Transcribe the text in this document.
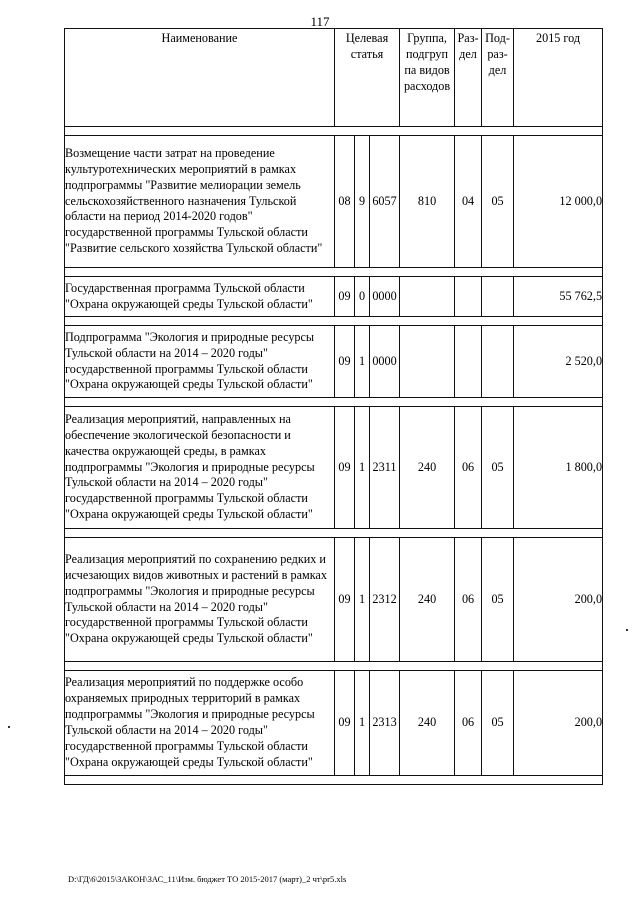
117
Наименование	Целевая статья			Группа, подгруп па видов расходов	Раз- дел	Под- раз- дел	2015 год

Возмещение части затрат на проведение культуротехнических мероприятий в рамках подпрограммы "Развитие мелиорации земель сельскохозяйственного назначения Тульской области на период 2014-2020 годов" государственной программы Тульской области "Развитие сельского хозяйства Тульской области"	08	9	6057	810	04	05	12 000,0

Государственная программа Тульской области "Охрана окружающей среды Тульской области"	09	0	0000				55 762,5

Подпрограмма "Экология и природные ресурсы Тульской области на 2014 – 2020 годы" государственной программы Тульской области "Охрана окружающей среды Тульской области"	09	1	0000				2 520,0

Реализация мероприятий, направленных на обеспечение экологической безопасности и качества окружающей среды, в рамках подпрограммы "Экология и природные ресурсы Тульской области на 2014 – 2020 годы" государственной программы Тульской области "Охрана окружающей среды Тульской области"	09	1	2311	240	06	05	1 800,0

Реализация мероприятий по сохранению редких и исчезающих видов животных и растений в рамках подпрограммы "Экология и природные ресурсы Тульской области на 2014 – 2020 годы" государственной программы Тульской области "Охрана окружающей среды Тульской области"	09	1	2312	240	06	05	200,0

Реализация мероприятий по поддержке особо охраняемых природных территорий в рамках подпрограммы "Экология и природные ресурсы Тульской области на 2014 – 2020 годы" государственной программы Тульской области "Охрана окружающей среды Тульской области"	09	1	2313	240	06	05	200,0

D:\ГД\6\2015\ЗАКОН\ЗАС_11\Изм. бюджет ТО 2015-2017 (март)_2 чт\pr5.xls
